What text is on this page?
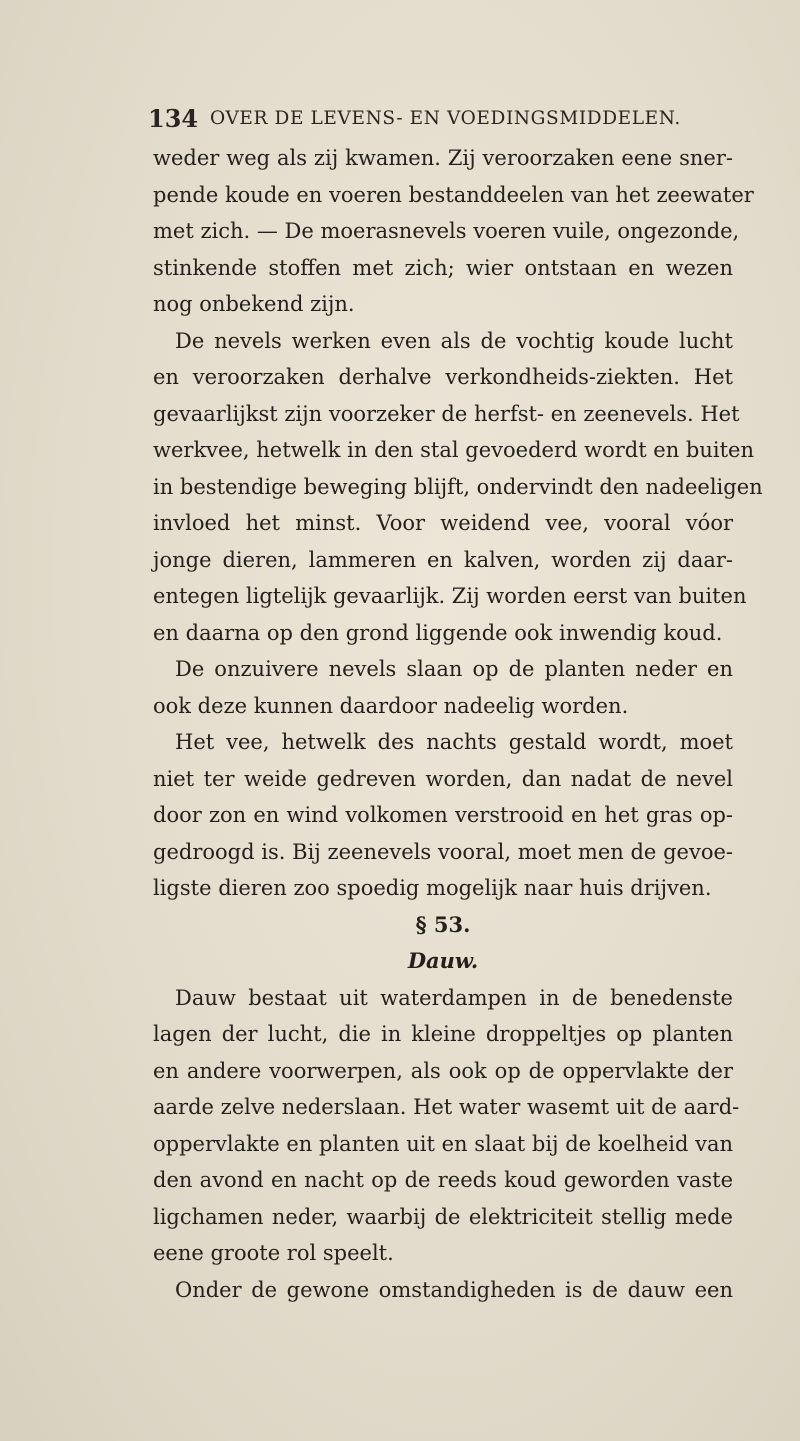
134 OVER DE LEVENS- EN VOEDINGSMIDDELEN.
weder weg als zij kwamen. Zij veroorzaken eene sner-
pende koude en voeren bestanddeelen van het zeewater
met zich. — De moerasnevels voeren vuile, ongezonde,
stinkende stoffen met zich; wier ontstaan en wezen
nog onbekend zijn.
De nevels werken even als de vochtig koude lucht
en veroorzaken derhalve verkondheids-ziekten. Het
gevaarlijkst zijn voorzeker de herfst- en zeenevels. Het
werkvee, hetwelk in den stal gevoederd wordt en buiten
in bestendige beweging blijft, ondervindt den nadeeligen
invloed het minst. Voor weidend vee, vooral vóor
jonge dieren, lammeren en kalven, worden zij daar-
entegen ligtelijk gevaarlijk. Zij worden eerst van buiten
en daarna op den grond liggende ook inwendig koud.
De onzuivere nevels slaan op de planten neder en
ook deze kunnen daardoor nadeelig worden.
Het vee, hetwelk des nachts gestald wordt, moet
niet ter weide gedreven worden, dan nadat de nevel
door zon en wind volkomen verstrooid en het gras op-
gedroogd is. Bij zeenevels vooral, moet men de gevoe-
ligste dieren zoo spoedig mogelijk naar huis drijven.
§ 53.
Dauw.
Dauw bestaat uit waterdampen in de benedenste
lagen der lucht, die in kleine droppeltjes op planten
en andere voorwerpen, als ook op de oppervlakte der
aarde zelve nederslaan. Het water wasemt uit de aard-
oppervlakte en planten uit en slaat bij de koelheid van
den avond en nacht op de reeds koud geworden vaste
ligchamen neder, waarbij de elektriciteit stellig mede
eene groote rol speelt.
Onder de gewone omstandigheden is de dauw een
